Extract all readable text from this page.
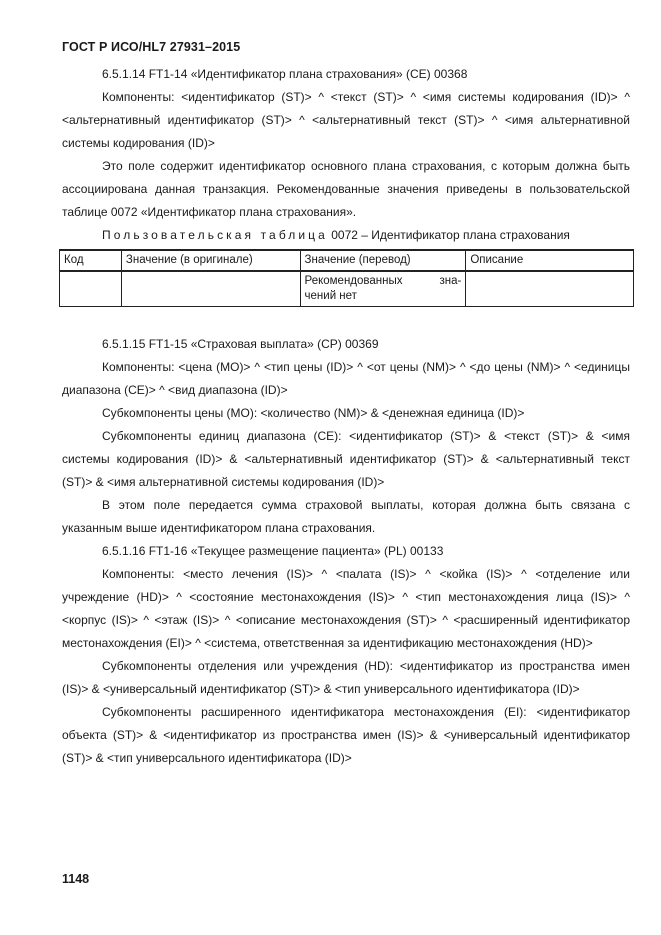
ГОСТ Р ИСО/HL7 27931–2015

6.5.1.14 FT1-14 «Идентификатор плана страхования» (CE) 00368

Компоненты: <идентификатор (ST)> ^ <текст (ST)> ^ <имя системы кодирования (ID)> ^ <альтернативный идентификатор (ST)> ^ <альтернативный текст (ST)> ^ <имя альтернативной системы кодирования (ID)>

Это поле содержит идентификатор основного плана страхования, с которым должна быть ассоциирована данная транзакция. Рекомендованные значения приведены в пользовательской таблице 0072 «Идентификатор плана страхования».

Пользовательская таблица 0072 – Идентификатор плана страхования

Код	Значение (в оригинале)	Значение (перевод)	Описание

		Рекомендованных зна-
чений нет	

6.5.1.15 FT1-15 «Страховая выплата» (CP) 00369

Компоненты: <цена (MO)> ^ <тип цены (ID)> ^ <от цены (NM)> ^ <до цены (NM)> ^ <единицы диапазона (CE)> ^ <вид диапазона (ID)>

Субкомпоненты цены (MO): <количество (NM)> & <денежная единица (ID)>

Субкомпоненты единиц диапазона (CE): <идентификатор (ST)> & <текст (ST)> & <имя системы кодирования (ID)> & <альтернативный идентификатор (ST)> & <альтернативный текст (ST)> & <имя альтернативной системы кодирования (ID)>

В этом поле передается сумма страховой выплаты, которая должна быть связана с указанным выше идентификатором плана страхования.

6.5.1.16 FT1-16 «Текущее размещение пациента» (PL) 00133

Компоненты: <место лечения (IS)> ^ <палата (IS)> ^ <койка (IS)> ^ <отделение или учреждение (HD)> ^ <состояние местонахождения (IS)> ^ <тип местонахождения лица (IS)> ^ <корпус (IS)> ^ <этаж (IS)> ^ <описание местонахождения (ST)> ^ <расширенный идентификатор местонахождения (EI)> ^ <система, ответственная за идентификацию местонахождения (HD)>

Субкомпоненты отделения или учреждения (HD): <идентификатор из пространства имен (IS)> & <универсальный идентификатор (ST)> & <тип универсального идентификатора (ID)>

Субкомпоненты расширенного идентификатора местонахождения (EI): <идентификатор объекта (ST)> & <идентификатор из пространства имен (IS)> & <универсальный идентификатор (ST)> & <тип универсального идентификатора (ID)>

1148
